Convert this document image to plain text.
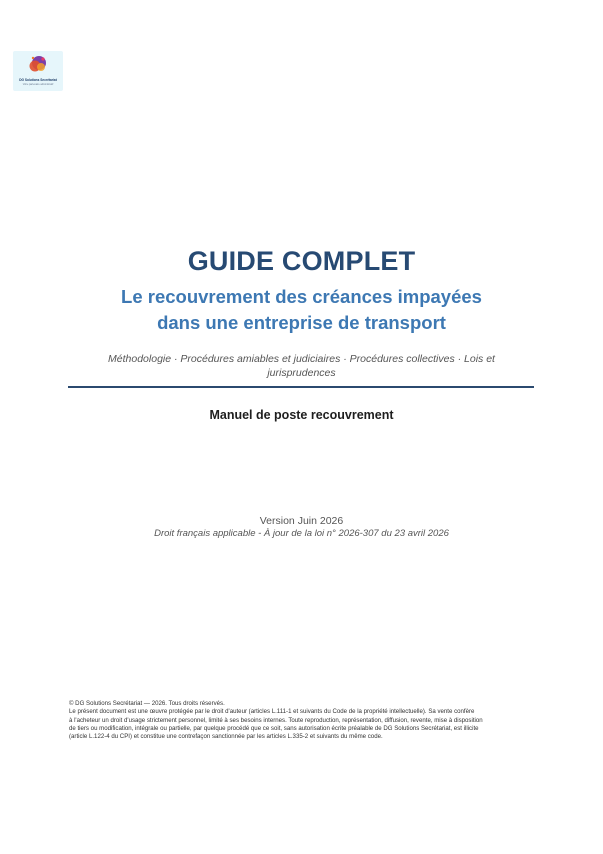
DG Solutions Secrétariat
Votre partenaire administratif
GUIDE COMPLET
Le recouvrement des créances impayées
dans une entreprise de transport
Méthodologie · Procédures amiables et judiciaires · Procédures collectives · Lois et
jurisprudences
Manuel de poste recouvrement
Version Juin 2026
Droit français applicable - À jour de la loi n° 2026-307 du 23 avril 2026
© DG Solutions Secrétariat — 2026. Tous droits réservés.
Le présent document est une œuvre protégée par le droit d'auteur (articles L.111-1 et suivants du Code de la propriété intellectuelle). Sa vente confère
à l'acheteur un droit d'usage strictement personnel, limité à ses besoins internes. Toute reproduction, représentation, diffusion, revente, mise à disposition
de tiers ou modification, intégrale ou partielle, par quelque procédé que ce soit, sans autorisation écrite préalable de DG Solutions Secrétariat, est illicite
(article L.122-4 du CPI) et constitue une contrefaçon sanctionnée par les articles L.335-2 et suivants du même code.
